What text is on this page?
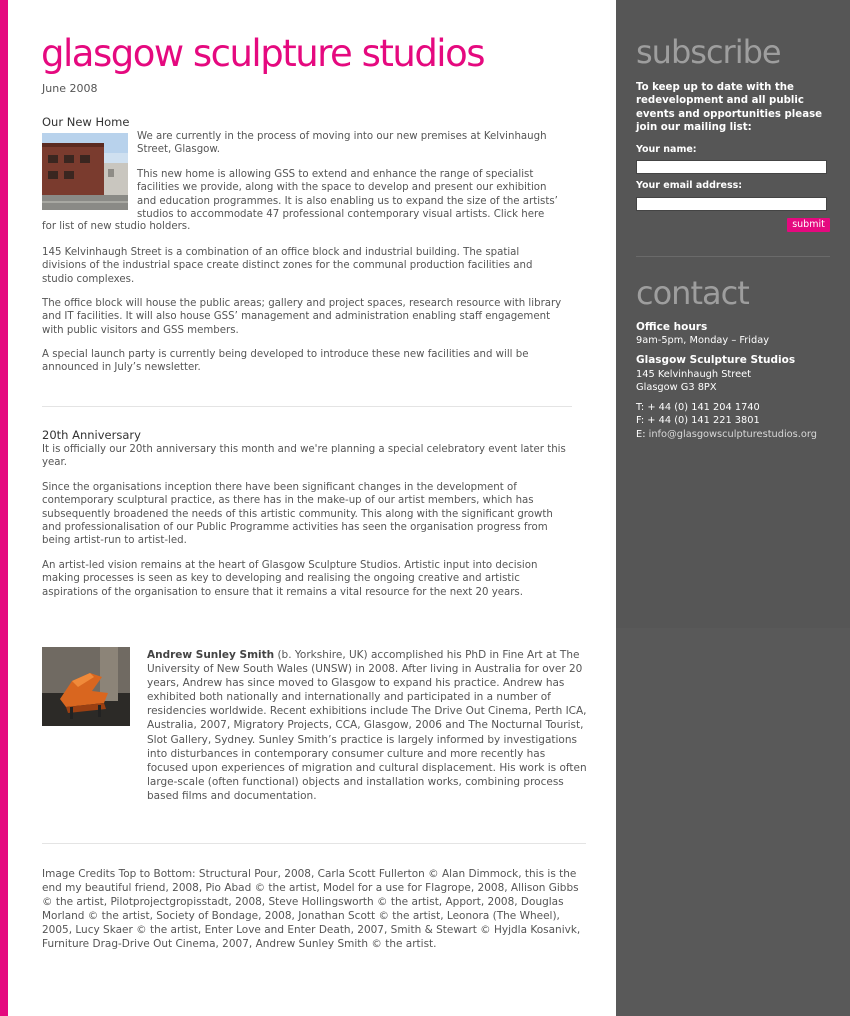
glasgow sculpture studios
June 2008
Our New Home

We are currently in the process of moving into our new premises at Kelvinhaugh Street, Glasgow.

This new home is allowing GSS to extend and enhance the range of specialist facilities we provide, along with the space to develop and present our exhibition and education programmes. It is also enabling us to expand the size of the artists’ studios to accommodate 47 professional contemporary visual artists. Click here

for list of new studio holders.

145 Kelvinhaugh Street is a combination of an office block and industrial building. The spatial divisions of the industrial space create distinct zones for the communal production facilities and studio complexes.

The office block will house the public areas; gallery and project spaces, research resource with library and IT facilities. It will also house GSS’ management and administration enabling staff engagement with public visitors and GSS members.

A special launch party is currently being developed to introduce these new facilities and will be announced in July’s newsletter.

20th Anniversary

It is officially our 20th anniversary this month and we're planning a special celebratory event later this year.

Since the organisations inception there have been significant changes in the development of contemporary sculptural practice, as there has in the make-up of our artist members, which has subsequently broadened the needs of this artistic community. This along with the significant growth and professionalisation of our Public Programme activities has seen the organisation progress from being artist-run to artist-led.

An artist-led vision remains at the heart of Glasgow Sculpture Studios. Artistic input into decision making processes is seen as key to developing and realising the ongoing creative and artistic aspirations of the organisation to ensure that it remains a vital resource for the next 20 years.

Andrew Sunley Smith (b. Yorkshire, UK) accomplished his PhD in Fine Art at The University of New South Wales (UNSW) in 2008. After living in Australia for over 20 years, Andrew has since moved to Glasgow to expand his practice. Andrew has exhibited both nationally and internationally and participated in a number of residencies worldwide. Recent exhibitions include The Drive Out Cinema, Perth ICA, Australia, 2007, Migratory Projects, CCA, Glasgow, 2006 and The Nocturnal Tourist, Slot Gallery, Sydney. Sunley Smith’s practice is largely informed by investigations into disturbances in contemporary consumer culture and more recently has focused upon experiences of migration and cultural displacement. His work is often large-scale (often functional) objects and installation works, combining process based films and documentation.

Image Credits Top to Bottom: Structural Pour, 2008, Carla Scott Fullerton © Alan Dimmock, this is the end my beautiful friend, 2008, Pio Abad © the artist, Model for a use for Flagrope, 2008, Allison Gibbs © the artist, Pilotprojectgropisstadt, 2008, Steve Hollingsworth © the artist, Apport, 2008, Douglas Morland © the artist, Society of Bondage, 2008, Jonathan Scott © the artist, Leonora (The Wheel), 2005, Lucy Skaer © the artist, Enter Love and Enter Death, 2007, Smith & Stewart © Hyjdla Kosanivk, Furniture Drag-Drive Out Cinema, 2007, Andrew Sunley Smith © the artist.

subscribe
To keep up to date with the redevelopment and all public events and opportunities please join our mailing list:
Your name:
Your email address:
submit
contact
Office hours
9am-5pm, Monday – Friday
Glasgow Sculpture Studios
145 Kelvinhaugh Street
Glasgow G3 8PX
T: + 44 (0) 141 204 1740
F: + 44 (0) 141 221 3801
E: info@glasgowsculpturestudios.org
